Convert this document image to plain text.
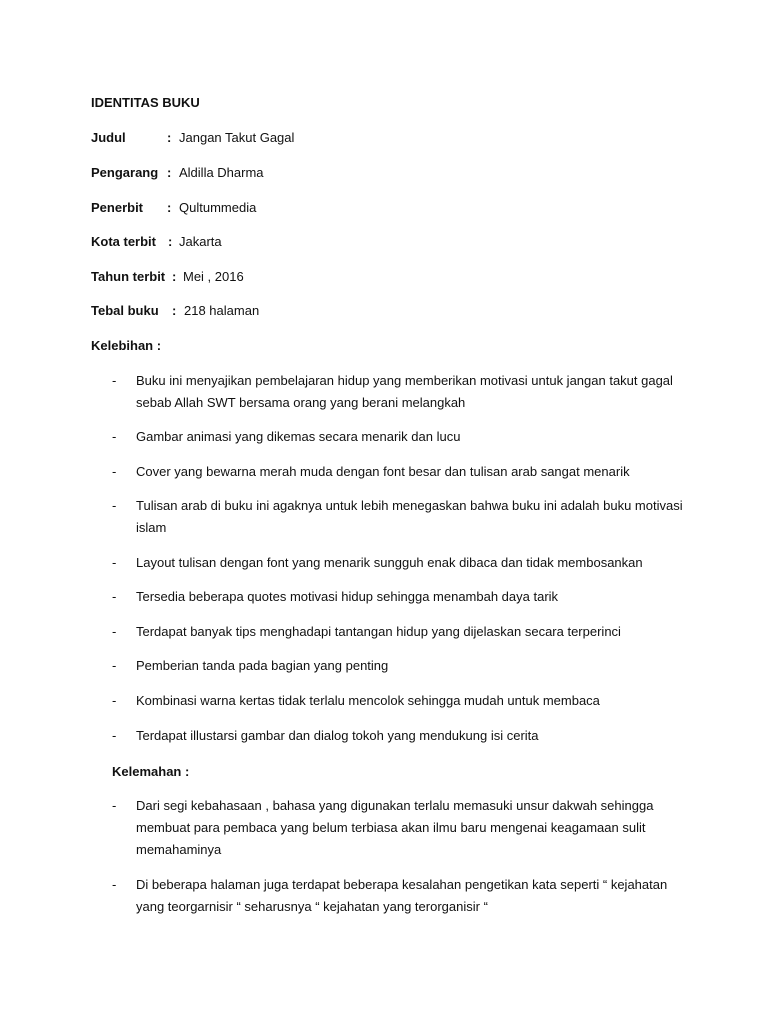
IDENTITAS BUKU
Judul	: Jangan Takut Gagal
Pengarang : Aldilla Dharma
Penerbit : Qultummedia
Kota terbit : Jakarta
Tahun terbit : Mei , 2016
Tebal buku : 218 halaman
Kelebihan :
- Buku ini menyajikan pembelajaran hidup yang memberikan motivasi untuk jangan takut gagal sebab Allah SWT bersama orang yang berani melangkah
- Gambar animasi yang dikemas secara menarik dan lucu
- Cover yang bewarna merah muda dengan font besar dan tulisan arab sangat menarik
- Tulisan arab di buku ini agaknya untuk lebih menegaskan bahwa buku ini adalah buku motivasi islam
- Layout tulisan dengan font yang menarik sungguh enak dibaca dan tidak membosankan
- Tersedia beberapa quotes motivasi hidup sehingga menambah daya tarik
- Terdapat banyak tips menghadapi tantangan hidup yang dijelaskan secara terperinci
- Pemberian tanda pada bagian yang penting
- Kombinasi warna kertas tidak terlalu mencolok sehingga mudah untuk membaca
- Terdapat illustarsi gambar dan dialog tokoh yang mendukung isi cerita
Kelemahan :
- Dari segi kebahasaan , bahasa yang digunakan terlalu memasuki unsur dakwah sehingga membuat para pembaca yang belum terbiasa akan ilmu baru mengenai keagamaan sulit memahaminya
- Di beberapa halaman juga terdapat beberapa kesalahan pengetikan kata seperti “ kejahatan yang teorgarnisir “ seharusnya “ kejahatan yang terorganisir “
